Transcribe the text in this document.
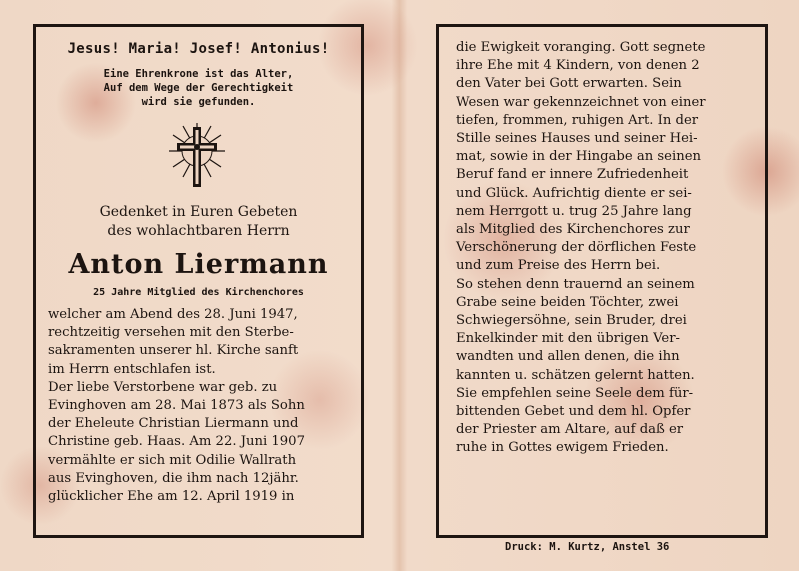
Jesus! Maria! Josef! Antonius!
Eine Ehrenkrone ist das Alter,
Auf dem Wege der Gerechtigkeit
wird sie gefunden.
Gedenket in Euren Gebeten
des wohlachtbaren Herrn
Anton Liermann
25 Jahre Mitglied des Kirchenchores
welcher am Abend des 28. Juni 1947,
rechtzeitig versehen mit den Sterbe-
sakramenten unserer hl. Kirche sanft
im Herrn entschlafen ist.
Der liebe Verstorbene war geb. zu
Evinghoven am 28. Mai 1873 als Sohn
der Eheleute Christian Liermann und
Christine geb. Haas. Am 22. Juni 1907
vermählte er sich mit Odilie Wallrath
aus Evinghoven, die ihm nach 12jähr.
glücklicher Ehe am 12. April 1919 in
die Ewigkeit voranging. Gott segnete
ihre Ehe mit 4 Kindern, von denen 2
den Vater bei Gott erwarten. Sein
Wesen war gekennzeichnet von einer
tiefen, frommen, ruhigen Art. In der
Stille seines Hauses und seiner Hei-
mat, sowie in der Hingabe an seinen
Beruf fand er innere Zufriedenheit
und Glück. Aufrichtig diente er sei-
nem Herrgott u. trug 25 Jahre lang
als Mitglied des Kirchenchores zur
Verschönerung der dörflichen Feste
und zum Preise des Herrn bei.
So stehen denn trauernd an seinem
Grabe seine beiden Töchter, zwei
Schwiegersöhne, sein Bruder, drei
Enkelkinder mit den übrigen Ver-
wandten und allen denen, die ihn
kannten u. schätzen gelernt hatten.
Sie empfehlen seine Seele dem für-
bittenden Gebet und dem hl. Opfer
der Priester am Altare, auf daß er
ruhe in Gottes ewigem Frieden.
Druck: M. Kurtz, Anstel 36
